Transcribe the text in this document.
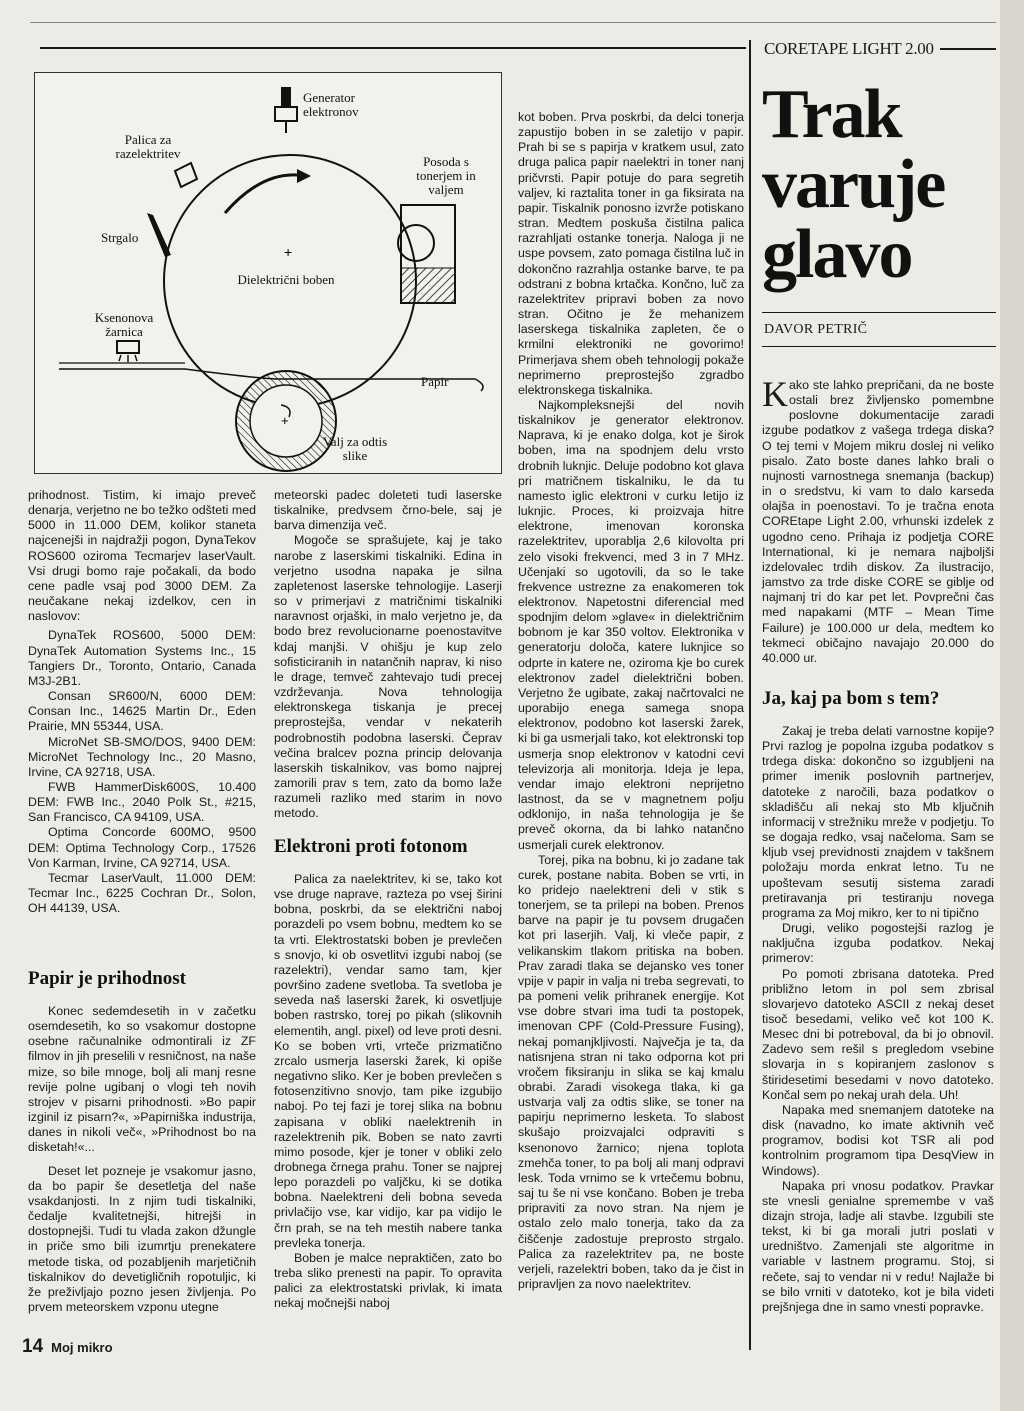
+
+
Generator elektronov
Palica za razelektritev
Posoda s tonerjem in valjem
Strgalo
Dielektrični boben
Ksenonova žarnica
Papir
Valj za odtis slike
CORETAPE LIGHT 2.00
Trak
varuje
glavo
DAVOR PETRIČ

prihodnost. Tistim, ki imajo preveč denarja, verjetno ne bo težko odšteti med 5000 in 11.000 DEM, kolikor staneta najcenejši in najdražji pogon, DynaTekov ROS600 oziroma Tecmarjev laserVault. Vsi drugi bomo raje počakali, da bodo cene padle vsaj pod 3000 DEM. Za neučakane nekaj izdelkov, cen in naslovov:

DynaTek ROS600, 5000 DEM: DynaTek Automation Systems Inc., 15 Tangiers Dr., Toronto, Ontario, Canada M3J-2B1.

Consan SR600/N, 6000 DEM: Consan Inc., 14625 Martin Dr., Eden Prairie, MN 55344, USA.

MicroNet SB-SMO/DOS, 9400 DEM: MicroNet Technology Inc., 20 Masno, Irvine, CA 92718, USA.

FWB HammerDisk600S, 10.400 DEM: FWB Inc., 2040 Polk St., #215, San Francisco, CA 94109, USA.

Optima Concorde 600MO, 9500 DEM: Optima Technology Corp., 17526 Von Karman, Irvine, CA 92714, USA.

Tecmar LaserVault, 11.000 DEM: Tecmar Inc., 6225 Cochran Dr., Solon, OH 44139, USA.

Papir je prihodnost

Konec sedemdesetih in v začetku osemdesetih, ko so vsakomur dostopne osebne računalnike odmontirali iz ZF filmov in jih preselili v resničnost, na naše mize, so bile mnoge, bolj ali manj resne revije polne ugibanj o vlogi teh novih strojev v pisarni prihodnosti. »Bo papir izginil iz pisarn?«, »Papirniška industrija, danes in nikoli več«, »Prihodnost bo na disketah!«...

Deset let pozneje je vsakomur jasno, da bo papir še desetletja del naše vsakdanjosti. In z njim tudi tiskalniki, čedalje kvalitetnejši, hitrejši in dostopnejši. Tudi tu vlada zakon džungle in priče smo bili izumrtju prenekatere metode tiska, od pozabljenih marjetičnih tiskalnikov do devetigličnih ropotuljic, ki že preživljajo pozno jesen življenja. Po prvem meteorskem vzponu utegne

meteorski padec doleteti tudi laserske tiskalnike, predvsem črno-bele, saj je barva dimenzija več.

Mogoče se sprašujete, kaj je tako narobe z laserskimi tiskalniki. Edina in verjetno usodna napaka je silna zapletenost laserske tehnologije. Laserji so v primerjavi z matričnimi tiskalniki naravnost orjaški, in malo verjetno je, da bodo brez revolucionarne poenostavitve kdaj manjši. V ohišju je kup zelo sofisticiranih in natančnih naprav, ki niso le drage, temveč zahtevajo tudi precej vzdrževanja. Nova tehnologija elektronskega tiskanja je precej preprostejša, vendar v nekaterih podrobnostih podobna laserski. Čeprav večina bralcev pozna princip delovanja laserskih tiskalnikov, vas bomo najprej zamorili prav s tem, zato da bomo laže razumeli razliko med starim in novo metodo.

Elektroni proti fotonom

Palica za naelektritev, ki se, tako kot vse druge naprave, razteza po vsej širini bobna, poskrbi, da se električni naboj porazdeli po vsem bobnu, medtem ko se ta vrti. Elektrostatski boben je prevlečen s snovjo, ki ob osvetlitvi izgubi naboj (se razelektri), vendar samo tam, kjer površino zadene svetloba. Ta svetloba je seveda naš laserski žarek, ki osvetljuje boben rastrsko, torej po pikah (slikovnih elementih, angl. pixel) od leve proti desni. Ko se boben vrti, vrteče prizmatično zrcalo usmerja laserski žarek, ki opiše negativno sliko. Ker je boben prevlečen s fotosenzitivno snovjo, tam pike izgubijo naboj. Po tej fazi je torej slika na bobnu zapisana v obliki naelektrenih in razelektrenih pik. Boben se nato zavrti mimo posode, kjer je toner v obliki zelo drobnega črnega prahu. Toner se najprej lepo porazdeli po valjčku, ki se dotika bobna. Naelektreni deli bobna sevedа privlačijo vse, kar vidijo, kar pa vidijo le črn prah, se na teh mestih nabere tanka prevleka tonerja.

Boben je malce nepraktičen, zato bo treba sliko prenesti na papir. To opravita palici za elektrostatski privlak, ki imata nekaj močnejši naboj

kot boben. Prva poskrbi, da delci tonerja zapustijo boben in se zaletijo v papir. Prah bi se s papirja v kratkem usul, zato druga palica papir naelektri in toner nanj pričvrsti. Papir potuje do para segretih valjev, ki raztalita toner in ga fiksirata na papir. Tiskalnik ponosno izvrže potiskano stran. Medtem poskuša čistilna palica razrahljati ostanke tonerja. Naloga ji ne uspe povsem, zato pomaga čistilna luč in dokončno razrahlja ostanke barve, te pa odstrani z bobna krtačka. Končno, luč za razelektritev pripravi boben za novo stran. Očitno je že mehanizem laserskega tiskalnika zapleten, če o krmilni elektroniki ne govorimo! Primerjava shem obeh tehnologij pokaže neprimerno preprostejšo zgradbo elektronskega tiskalnika.

Najkompleksnejši del novih tiskalnikov je generator elektronov. Naprava, ki je enako dolga, kot je širok boben, ima na spodnjem delu vrsto drobnih luknjic. Deluje podobno kot glava pri matričnem tiskalniku, le da tu namesto iglic elektroni v curku letijo iz luknjic. Proces, ki proizvaja hitre elektrone, imenovan koronska razelektritev, uporablja 2,6 kilovolta pri zelo visoki frekvenci, med 3 in 7 MHz. Učenjaki so ugotovili, da so le take frekvence ustrezne za enakomeren tok elektronov. Napetostni diferencial med spodnjim delom »glave« in dielektričnim bobnom je kar 350 voltov. Elektronika v generatorju določa, katere luknjice so odprte in katere ne, oziroma kje bo curek elektronov zadel dielektrični boben. Verjetno že ugibate, zakaj načrtovalci ne uporabijo enega samega snopa elektronov, podobno kot laserski žarek, ki bi ga usmerjali tako, kot elektronski top usmerja snop elektronov v katodni cevi televizorja ali monitorja. Ideja je lepa, vendar imajo elektroni neprijetno lastnost, da se v magnetnem polju odklonijo, in naša tehnologija je še preveč okorna, da bi lahko natančno usmerjali curek elektronov.

Torej, pika na bobnu, ki jo zadane tak curek, postane nabita. Boben se vrti, in ko pridejo naelektreni deli v stik s tonerjem, se ta prilepi na boben. Prenos barve na papir je tu povsem drugačen kot pri laserjih. Valj, ki vleče papir, z velikanskim tlakom pritiska na boben. Prav zaradi tlaka se dejansko ves toner vpije v papir in valja ni treba segrevati, to pa pomeni velik prihranek energije. Kot vse dobre stvari ima tudi ta postopek, imenovan CPF (Cold-Pressure Fusing), nekaj pomanjkljivosti. Največja je ta, da natisnjena stran ni tako odporna kot pri vročem fiksiranju in slika se kaj kmalu obrabi. Zaradi visokega tlaka, ki ga ustvarja valj za odtis slike, se toner na papirju neprimerno lesketa. To slabost skušajo proizvajalci odpraviti s ksenonovo žarnico; njena toplota zmehča toner, to pa bolj ali manj odpravi lesk. Toda vrnimo se k vrtečemu bobnu, saj tu še ni vse končano. Boben je treba pripraviti za novo stran. Na njem je ostalo zelo malo tonerja, tako da za čiščenje zadostuje preprosto strgalo. Palica za razelektritev pa, ne boste verjeli, razelektri boben, tako da je čist in pripravljen za novo naelektritev.

Kako ste lahko prepričani, da ne boste ostali brez življensko pomembne poslovne dokumentacije zaradi izgube podatkov z vašega trdega diska? O tej temi v Mojem mikru doslej ni veliko pisalo. Zato boste danes lahko brali o nujnosti varnostnega snemanja (backup) in o sredstvu, ki vam to dalo karseda olajša in poenostavi. To je tračna enota COREtape Light 2.00, vrhunski izdelek z ugodno ceno. Prihaja iz podjetja CORE International, ki je nemara najboljši izdelovalec trdih diskov. Za ilustracijo, jamstvo za trde diske CORE se giblje od najmanj tri do kar pet let. Povprečni čas med napakami (MTF – Mean Time Failure) je 100.000 ur dela, medtem ko tekmeci običajno navajajo 20.000 do 40.000 ur.

Ja, kaj pa bom s tem?

Zakaj je treba delati varnostne kopije? Prvi razlog je popolna izguba podatkov s trdega diska: dokončno so izgubljeni na primer imenik poslovnih partnerjev, datoteke z naročili, baza podatkov o skladišču ali nekaj sto Mb ključnih informacij v strežniku mreže v podjetju. To se dogaja redko, vsaj načeloma. Sam se kljub vsej previdnosti znajdem v takšnem položaju morda enkrat letno. Tu ne upoštevam sesutij sistema zaradi pretiravanja pri testiranju novega programa za Moj mikro, ker to ni tipično

Drugi, veliko pogostejši razlog je naključna izguba podatkov. Nekaj primerov:

Po pomoti zbrisana datoteka. Pred približno letom in pol sem zbrisal slovarjevo datoteko ASCII z nekaj deset tisoč besedami, veliko več kot 100 K. Mesec dni bi potreboval, da bi jo obnovil. Zadevo sem rešil s pregledom vsebine slovarja in s kopiranjem zaslonov s štiridesetimi besedami v novo datoteko. Končal sem po nekaj urah dela. Uh!

Napaka med snemanjem datoteke na disk (navadno, ko imate aktivnih več programov, bodisi kot TSR ali pod kontrolnim programom tipa DesqView in Windows).

Napaka pri vnosu podatkov. Pravkar ste vnesli genialne spremembe v vaš dizajn stroja, ladje ali stavbe. Izgubili ste tekst, ki bi ga morali jutri poslati v uredništvo. Zamenjali ste algoritme in variable v lastnem programu. Stoj, si rečete, saj to vendar ni v redu! Najlaže bi se bilo vrniti v datoteko, kot je bila videti prejšnjega dne in samo vnesti popravke.

14 Moj mikro
